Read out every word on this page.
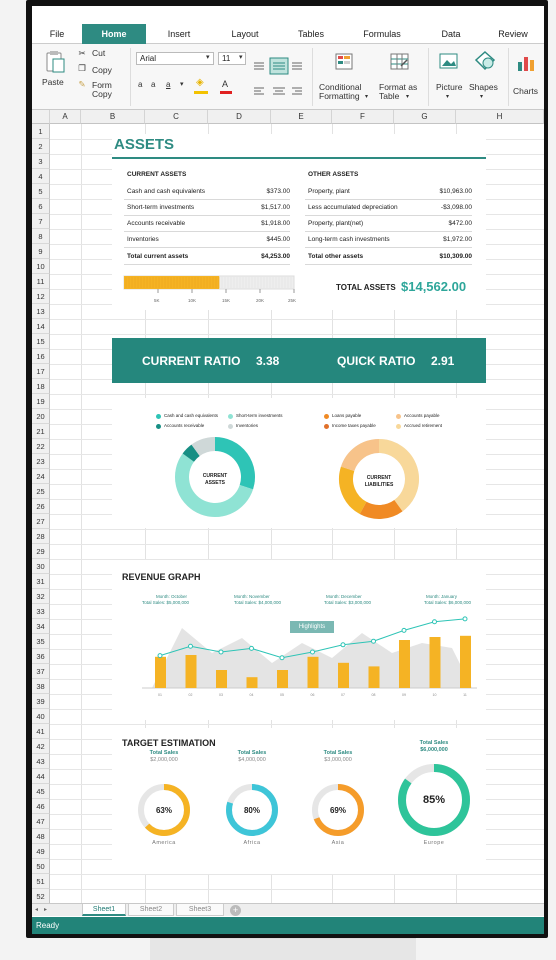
File	Home	Insert	Layout	Tables	Formulas	Data	Review
Paste
✂ Cut
❐ Copy
✎ Form
Copy
Arial	▾	11	▾
a a a ▾ ◈ A	Conditional
Formatting ▾
Format as
Table ▾
Picture
▾
Shapes
▾
Charts
A	B	C	D	E	F	G	H
1
2
3
4
5
6
7
8
9
10
11
12
13
14
15
16
17
18
19
20
21
22
23
24
25
26
27
28
29
30
31
32
33
34
35
36
37
38
39
40
41
42
43
44
45
46
47
48
49
50
51
52
ASSETS
CURRENT ASSETS	OTHER ASSETS
Cash and cash equivalents	$373.00
Short-term investments	$1,517.00
Accounts receivable	$1,918.00
Inventories	$445.00
Property, plant	$10,963.00
Less accumulated depreciation	-$3,098.00
Property, plant(net)	$472.00
Long-term cash investments	$1,972.00
Total current assets	$4,253.00	Total other assets	$10,309.00
5K	10K	15K	20K	25K
TOTAL ASSETS $14,562.00
CURRENT RATIO 3.38	QUICK RATIO 2.91
Cash and cash equivalents	Short-term investments
Accounts receivable	Inventories
Loans payable	Accounts payable
Income taxes payable	Accrued retirement
CURRENT
ASSETS
CURRENT
LIABILITIES
REVENUE GRAPH
Month: October
Total Sales: $5,000,000
Month: November
Total Sales: $4,000,000
Month: December
Total Sales: $3,000,000
Month: January
Total Sales: $6,000,000
Highlights
01	02	03	04	05	06	07	08	09	10	11
TARGET ESTIMATION
Total Sales
$2,000,000
63%
America
Total Sales
$4,000,000
80%
Africa
Total Sales
$3,000,000
69%
Asia
Total Sales
$6,000,000
85%
Europe
◂ ▸	Sheet1	Sheet2	Sheet3	+
Ready
